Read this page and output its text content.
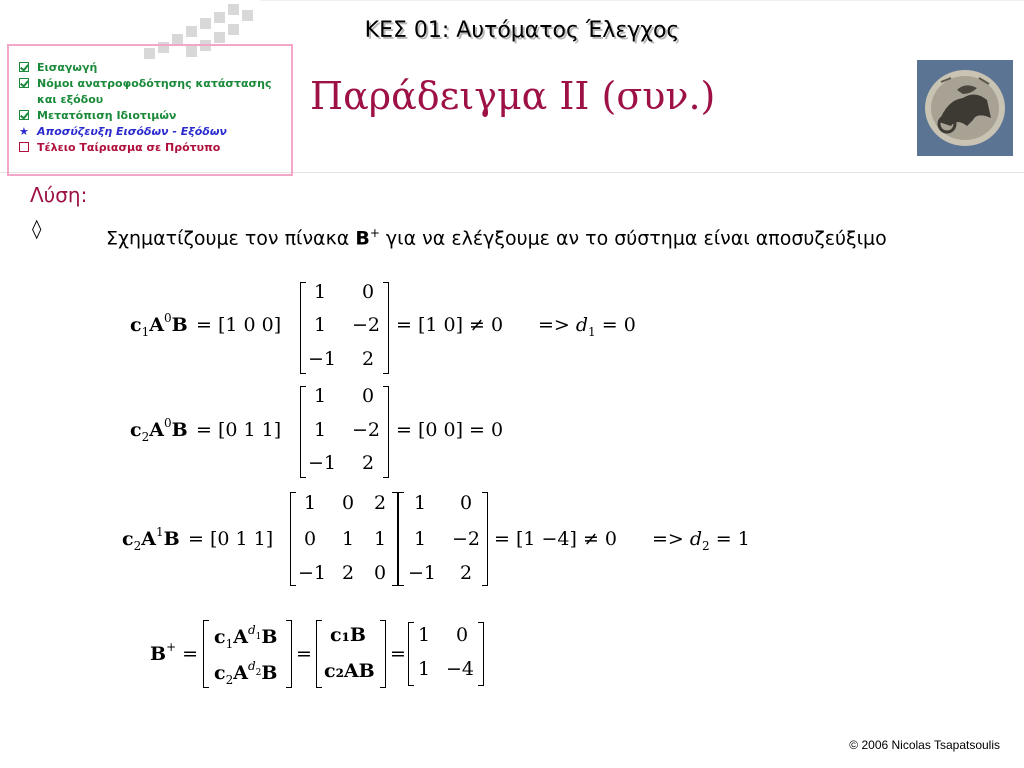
ΚΕΣ 01: Αυτόματος Έλεγχος
Εισαγωγή
Νόμοι ανατροφοδότησης κατάστασης και εξόδου
Μετατόπιση Ιδιοτιμών
★ Αποσύζευξη Εισόδων - Εξόδων
Τέλειο Ταίριασμα σε Πρότυπο
Παράδειγμα ΙΙ (συν.)
Λύση:
◊	Σχηματίζουμε τον πίνακα B+ για να ελέγξουμε αν το σύστημα είναι αποσυζεύξιμο
$c_1A^0B = [1$ 0 0]
1 0
1 −2
−1 2
= [1 $0] \ne 0 => d_1 = 0$
$c_2A^0B = [0$ 1 1]
1 0
1 −2
−1 2
= [0 0] = 0
$c_2A^1B = [0$ 1 1]
1 0 2
0 1 1
−1 2 0
1 0
1 −2
−1 2
= $[1 -4] \ne 0 => d_2 = 1$
B+ =
$c_1A^{d1}B$
$c_2A^{d2}B$
=
c₁B
c₂AB
=
1 0
1 −4
© 2006 Nicolas Tsapatsoulis
